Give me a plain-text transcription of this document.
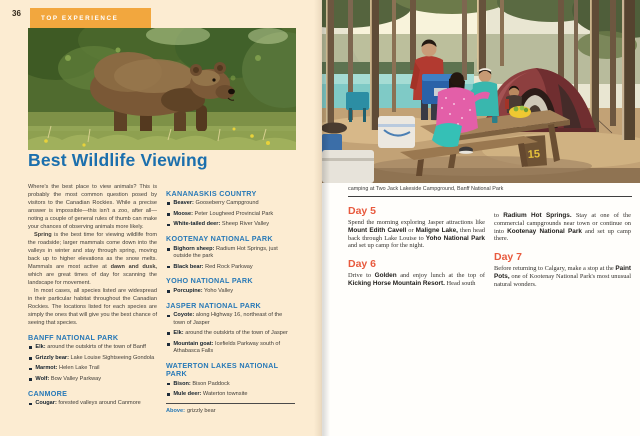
36	TOP EXPERIENCE
Best Wildlife Viewing

Where's the best place to view animals? This is probably the most common question posed by visitors to the Canadian Rockies. While a precise answer is impossible—this isn't a zoo, after all—noting a couple of general rules of thumb can make your chances of observing animals more likely.

Spring is the best time for viewing wildlife from the roadside; larger mammals come down into the valleys in winter and stay through spring, moving back up to higher elevations as the snow melts. Mammals are most active at dawn and dusk, which are great times of day for scanning the landscape for movement.

In most cases, all species listed are widespread in their particular habitat throughout the Canadian Rockies. The locations listed for each species are simply the ones that will give you the best chance of seeing that species.

BANFF NATIONAL PARK
Elk: around the outskirts of the town of Banff
Grizzly bear: Lake Louise Sightseeing Gondola
Marmot: Helen Lake Trail
Wolf: Bow Valley Parkway
CANMORE
Cougar: forested valleys around Canmore
KANANASKIS COUNTRY
Beaver: Gooseberry Campground
Moose: Peter Lougheed Provincial Park
White-tailed deer: Sheep River Valley
KOOTENAY NATIONAL PARK
Bighorn sheep: Radium Hot Springs, just outside the park
Black bear: Red Rock Parkway
YOHO NATIONAL PARK
Porcupine: Yoho Valley
JASPER NATIONAL PARK
Coyote: along Highway 16, northeast of the town of Jasper
Elk: around the outskirts of the town of Jasper
Mountain goat: Icefields Parkway south of Athabasca Falls
WATERTON LAKES NATIONAL PARK
Bison: Bison Paddock
Mule deer: Waterton townsite
Above: grizzly bear
15
camping at Two Jack Lakeside Campground, Banff National Park
Day 5

Spend the morning exploring Jasper attractions like Mount Edith Cavell or Maligne Lake, then head back through Lake Louise to Yoho National Park and set up camp for the night.

Day 6

Drive to Golden and enjoy lunch at the top of Kicking Horse Mountain Resort. Head south

to Radium Hot Springs. Stay at one of the commercial campgrounds near town or continue on into Kootenay National Park and set up camp there.

Day 7

Before returning to Calgary, make a stop at the Paint Pots, one of Kootenay National Park's most unusual natural wonders.
